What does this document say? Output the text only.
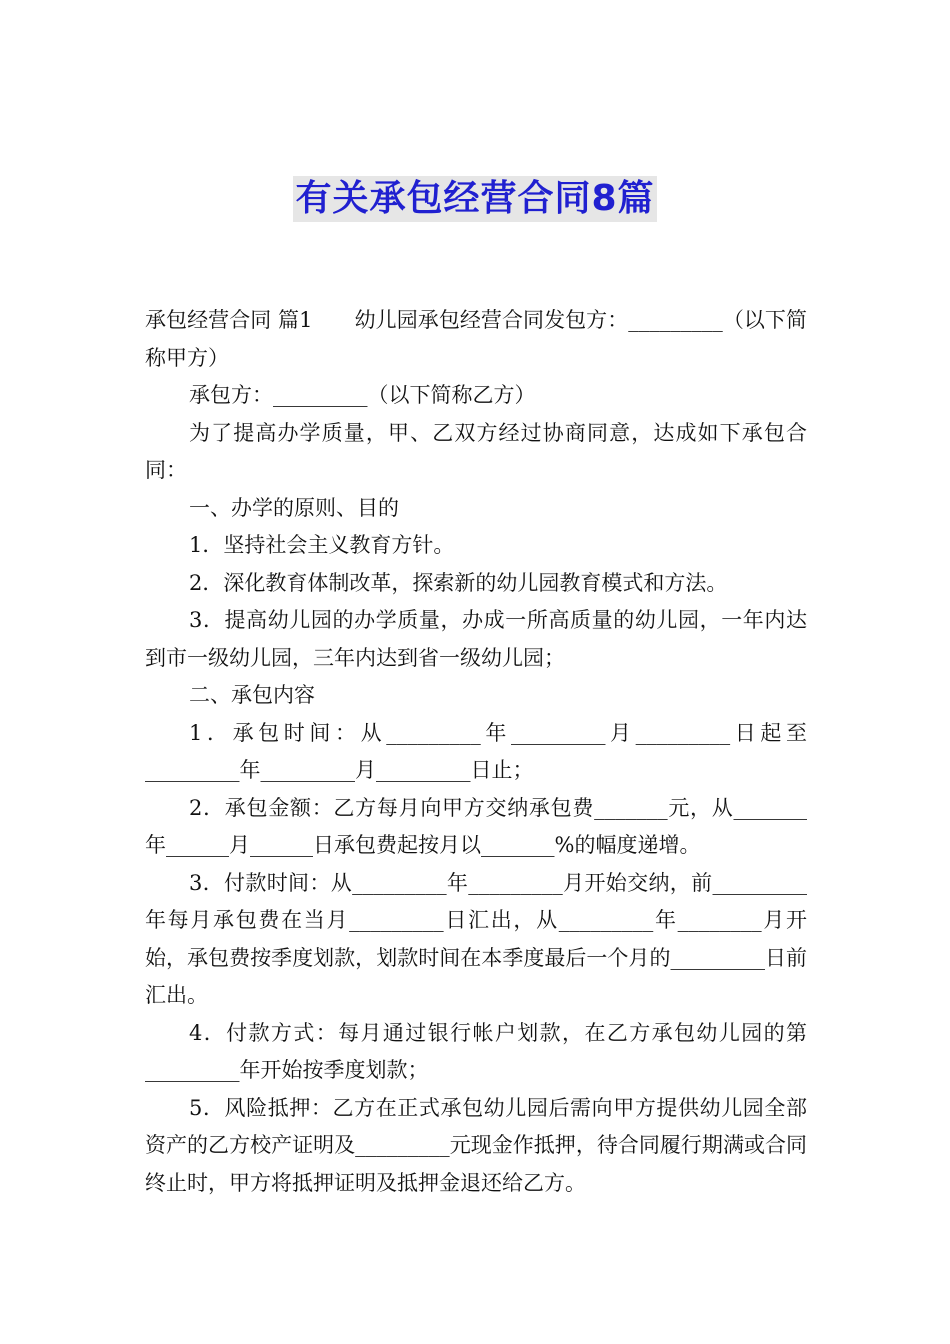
有关承包经营合同8篇

承包经营合同 篇1　　幼儿园承包经营合同发包方：_________（以下简称甲方）

承包方：_________（以下简称乙方）

为了提高办学质量，甲、乙双方经过协商同意，达成如下承包合同：

一、办学的原则、目的

1．坚持社会主义教育方针。

2．深化教育体制改革，探索新的幼儿园教育模式和方法。

3．提高幼儿园的办学质量，办成一所高质量的幼儿园，一年内达到市一级幼儿园，三年内达到省一级幼儿园；

二、承包内容

1．承包时间：从_________年_________月_________日起至_________年_________月_________日止；

2．承包金额：乙方每月向甲方交纳承包费_______元，从_______年______月______日承包费起按月以_______%的幅度递增。

3．付款时间：从_________年_________月开始交纳，前_________年每月承包费在当月_________日汇出，从_________年________月开始，承包费按季度划款，划款时间在本季度最后一个月的_________日前汇出。

4．付款方式：每月通过银行帐户划款，在乙方承包幼儿园的第_________年开始按季度划款；

5．风险抵押：乙方在正式承包幼儿园后需向甲方提供幼儿园全部资产的乙方校产证明及_________元现金作抵押，待合同履行期满或合同终止时，甲方将抵押证明及抵押金退还给乙方。
